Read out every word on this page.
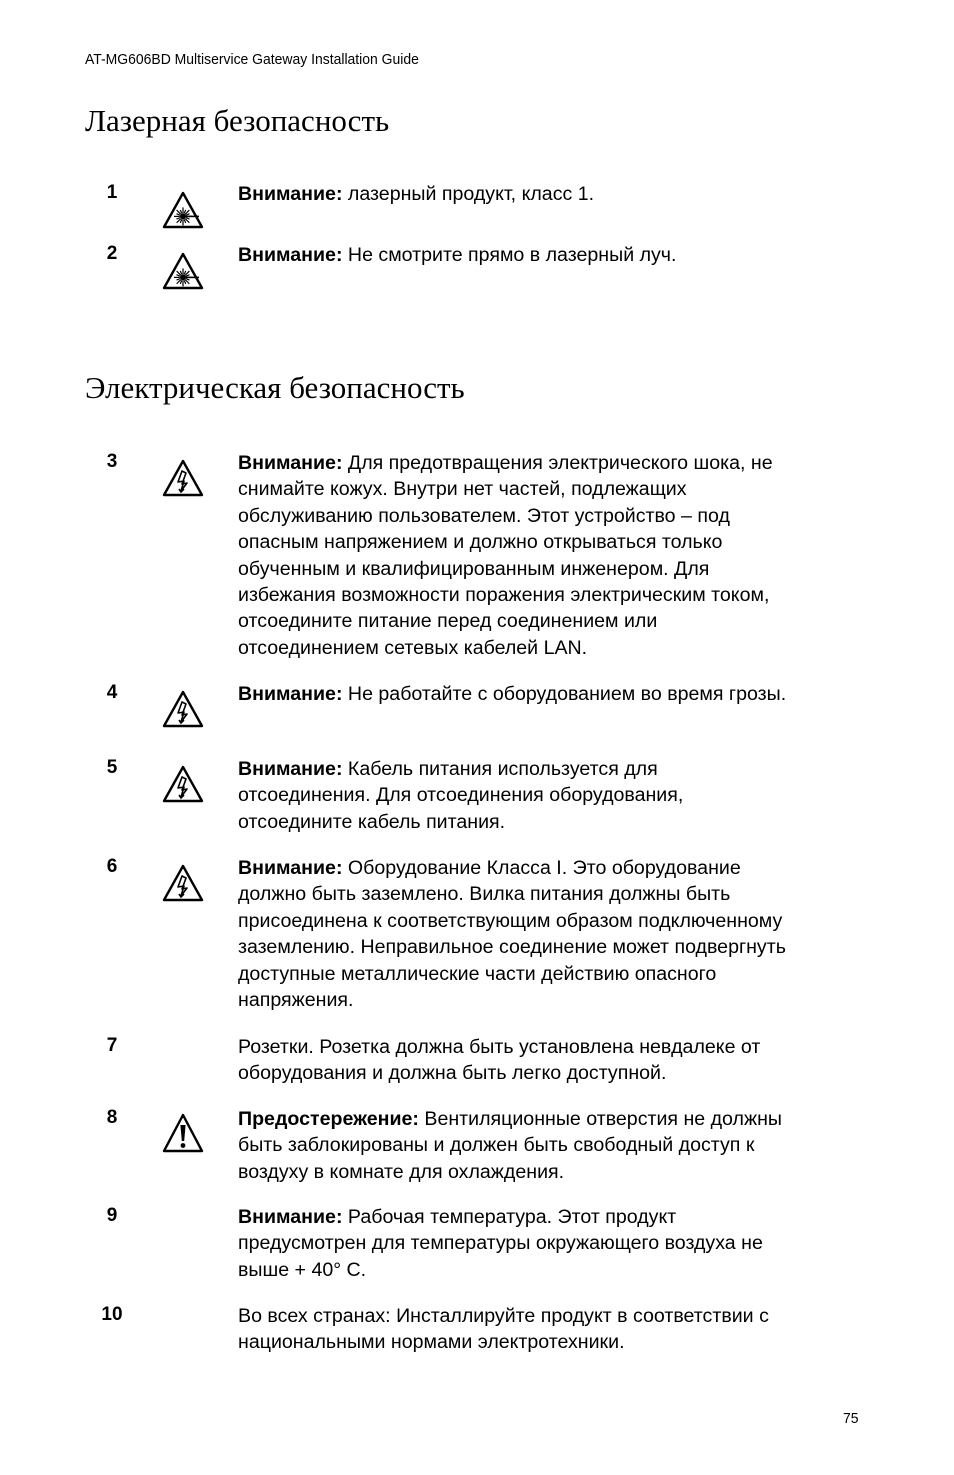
AT-MG606BD Multiservice Gateway Installation Guide
Лазерная безопасность
Электрическая безопасность
1	Внимание: лазерный продукт, класс 1.

2	Внимание: Не смотрите прямо в лазерный луч.

3	Внимание: Для предотвращения электрического шока, не
снимайте кожух. Внутри нет частей, подлежащих
обслуживанию пользователем. Этот устройство – под
опасным напряжением и должно открываться только
обученным и квалифицированным инженером. Для
избежания возможности поражения электрическим током,
отсоедините питание перед соединением или
отсоединением сетевых кабелей LAN.

4	Внимание: Не работайте с оборудованием во время грозы.

5	Внимание: Кабель питания используется для
отсоединения. Для отсоединения оборудования,
отсоедините кабель питания.

6	Внимание: Оборудование Класса I. Это оборудование
должно быть заземлено. Вилка питания должны быть
присоединена к соответствующим образом подключенному
заземлению. Неправильное соединение может подвергнуть
доступные металлические части действию опасного
напряжения.

7	Розетки. Розетка должна быть установлена невдалеке от
оборудования и должна быть легко доступной.

8	Предостережение: Вентиляционные отверстия не должны
быть заблокированы и должен быть свободный доступ к
воздуху в комнате для охлаждения.

9	Внимание: Рабочая температура. Этот продукт
предусмотрен для температуры окружающего воздуха не
выше + 40° C.

10	Во всех странах: Инсталлируйте продукт в соответствии с
национальными нормами электротехники.

75
